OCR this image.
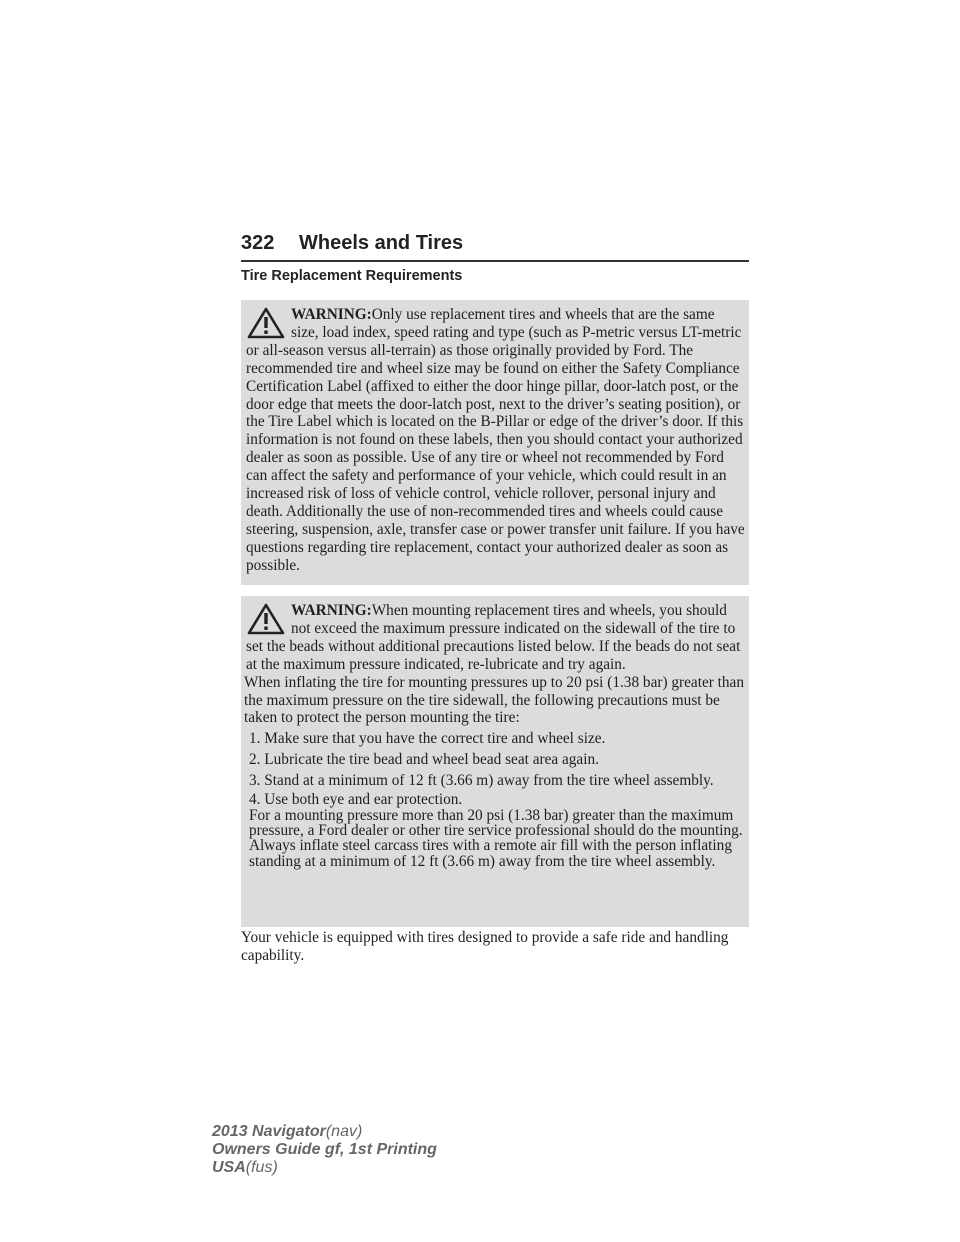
322 Wheels and Tires
Tire Replacement Requirements

WARNING:Only use replacement tires and wheels that are the same size, load index, speed rating and type (such as P-metric versus LT-metric or all-season versus all-terrain) as those originally provided by Ford. The recommended tire and wheel size may be found on either the Safety Compliance Certification Label (affixed to either the door hinge pillar, door-latch post, or the door edge that meets the door-latch post, next to the driver’s seating position), or the Tire Label which is located on the B-Pillar or edge of the driver’s door. If this information is not found on these labels, then you should contact your authorized dealer as soon as possible. Use of any tire or wheel not recommended by Ford can affect the safety and performance of your vehicle, which could result in an increased risk of loss of vehicle control, vehicle rollover, personal injury and death. Additionally the use of non-recommended tires and wheels could cause steering, suspension, axle, transfer case or power transfer unit failure. If you have questions regarding tire replacement, contact your authorized dealer as soon as possible.

WARNING:When mounting replacement tires and wheels, you should not exceed the maximum pressure indicated on the sidewall of the tire to set the beads without additional precautions listed below. If the beads do not seat at the maximum pressure indicated, re-lubricate and try again.

When inflating the tire for mounting pressures up to 20 psi (1.38 bar) greater than the maximum pressure on the tire sidewall, the following precautions must be taken to protect the person mounting the tire:

1. Make sure that you have the correct tire and wheel size.

2. Lubricate the tire bead and wheel bead seat area again.

3. Stand at a minimum of 12 ft (3.66 m) away from the tire wheel assembly.

4. Use both eye and ear protection.

For a mounting pressure more than 20 psi (1.38 bar) greater than the maximum pressure, a Ford dealer or other tire service professional should do the mounting.

Always inflate steel carcass tires with a remote air fill with the person inflating standing at a minimum of 12 ft (3.66 m) away from the tire wheel assembly.

Your vehicle is equipped with tires designed to provide a safe ride and handling capability.
2013 Navigator(nav)
Owners Guide gf, 1st Printing
USA(fus)
